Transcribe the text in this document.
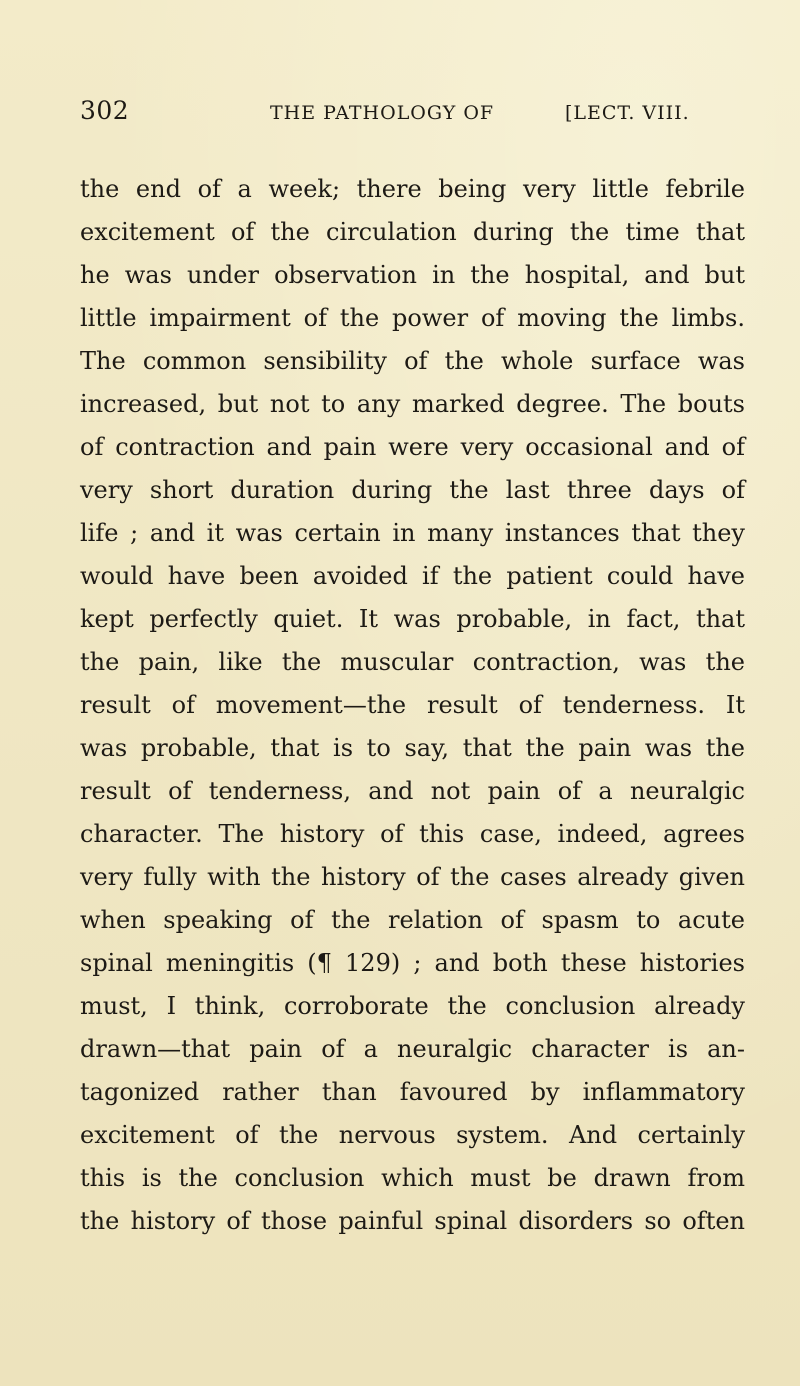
302	THE PATHOLOGY OF	[LECT. VIII.
the end of a week; there being very little febrile
excitement of the circulation during the time that
he was under observation in the hospital, and but
little impairment of the power of moving the limbs.
The common sensibility of the whole surface was
increased, but not to any marked degree. The bouts
of contraction and pain were very occasional and of
very short duration during the last three days of
life ; and it was certain in many instances that they
would have been avoided if the patient could have
kept perfectly quiet. It was probable, in fact, that
the pain, like the muscular contraction, was the
result of movement—the result of tenderness. It
was probable, that is to say, that the pain was the
result of tenderness, and not pain of a neuralgic
character. The history of this case, indeed, agrees
very fully with the history of the cases already given
when speaking of the relation of spasm to acute
spinal meningitis (¶ 129) ; and both these histories
must, I think, corroborate the conclusion already
drawn—that pain of a neuralgic character is an-
tagonized rather than favoured by inflammatory
excitement of the nervous system. And certainly
this is the conclusion which must be drawn from
the history of those painful spinal disorders so often
